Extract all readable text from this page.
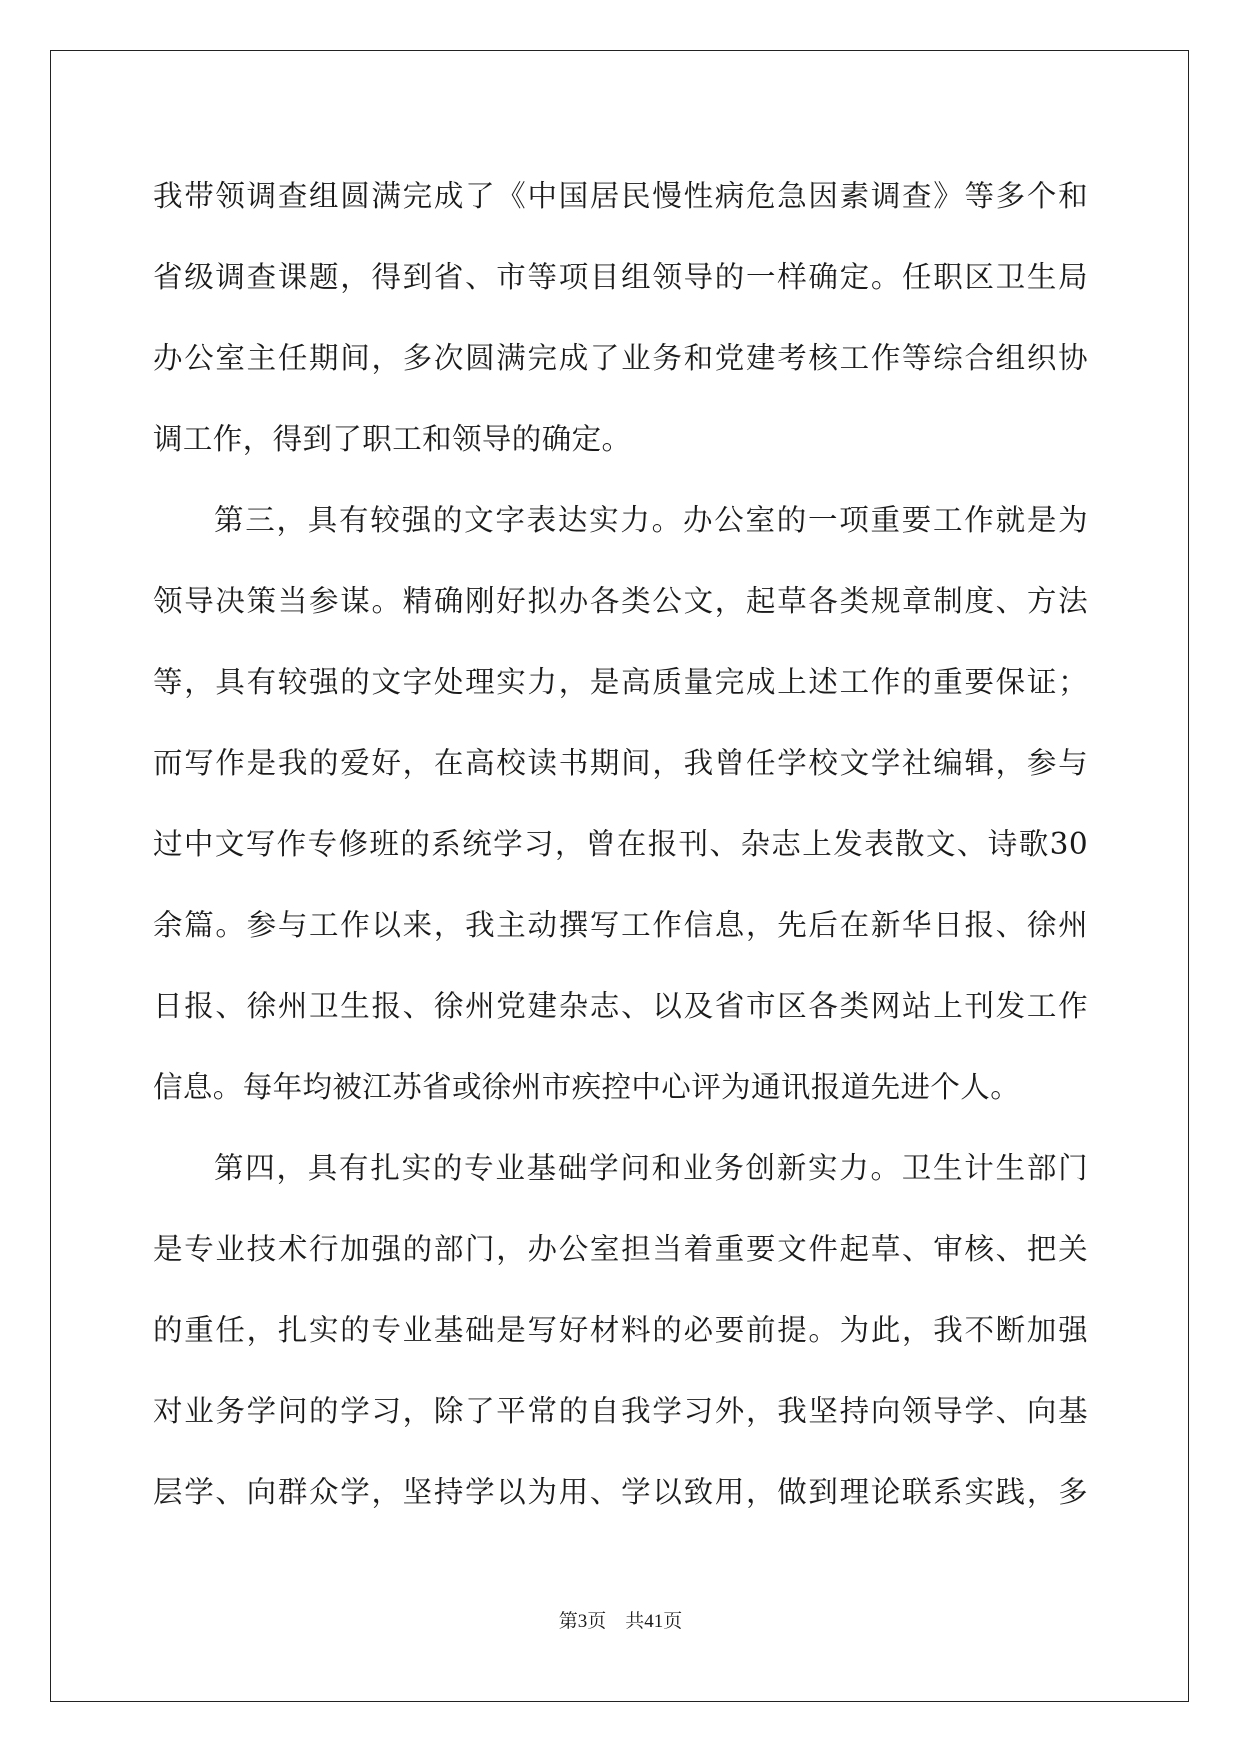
我带领调查组圆满完成了《中国居民慢性病危急因素调查》等多个和
省级调查课题，得到省、市等项目组领导的一样确定。任职区卫生局
办公室主任期间，多次圆满完成了业务和党建考核工作等综合组织协
调工作，得到了职工和领导的确定。
第三，具有较强的文字表达实力。办公室的一项重要工作就是为
领导决策当参谋。精确刚好拟办各类公文，起草各类规章制度、方法
等，具有较强的文字处理实力，是高质量完成上述工作的重要保证；
而写作是我的爱好，在高校读书期间，我曾任学校文学社编辑，参与
过中文写作专修班的系统学习，曾在报刊、杂志上发表散文、诗歌30
余篇。参与工作以来，我主动撰写工作信息，先后在新华日报、徐州
日报、徐州卫生报、徐州党建杂志、以及省市区各类网站上刊发工作
信息。每年均被江苏省或徐州市疾控中心评为通讯报道先进个人。
第四，具有扎实的专业基础学问和业务创新实力。卫生计生部门
是专业技术行加强的部门，办公室担当着重要文件起草、审核、把关
的重任，扎实的专业基础是写好材料的必要前提。为此，我不断加强
对业务学问的学习，除了平常的自我学习外，我坚持向领导学、向基
层学、向群众学，坚持学以为用、学以致用，做到理论联系实践，多
第3页　共41页
